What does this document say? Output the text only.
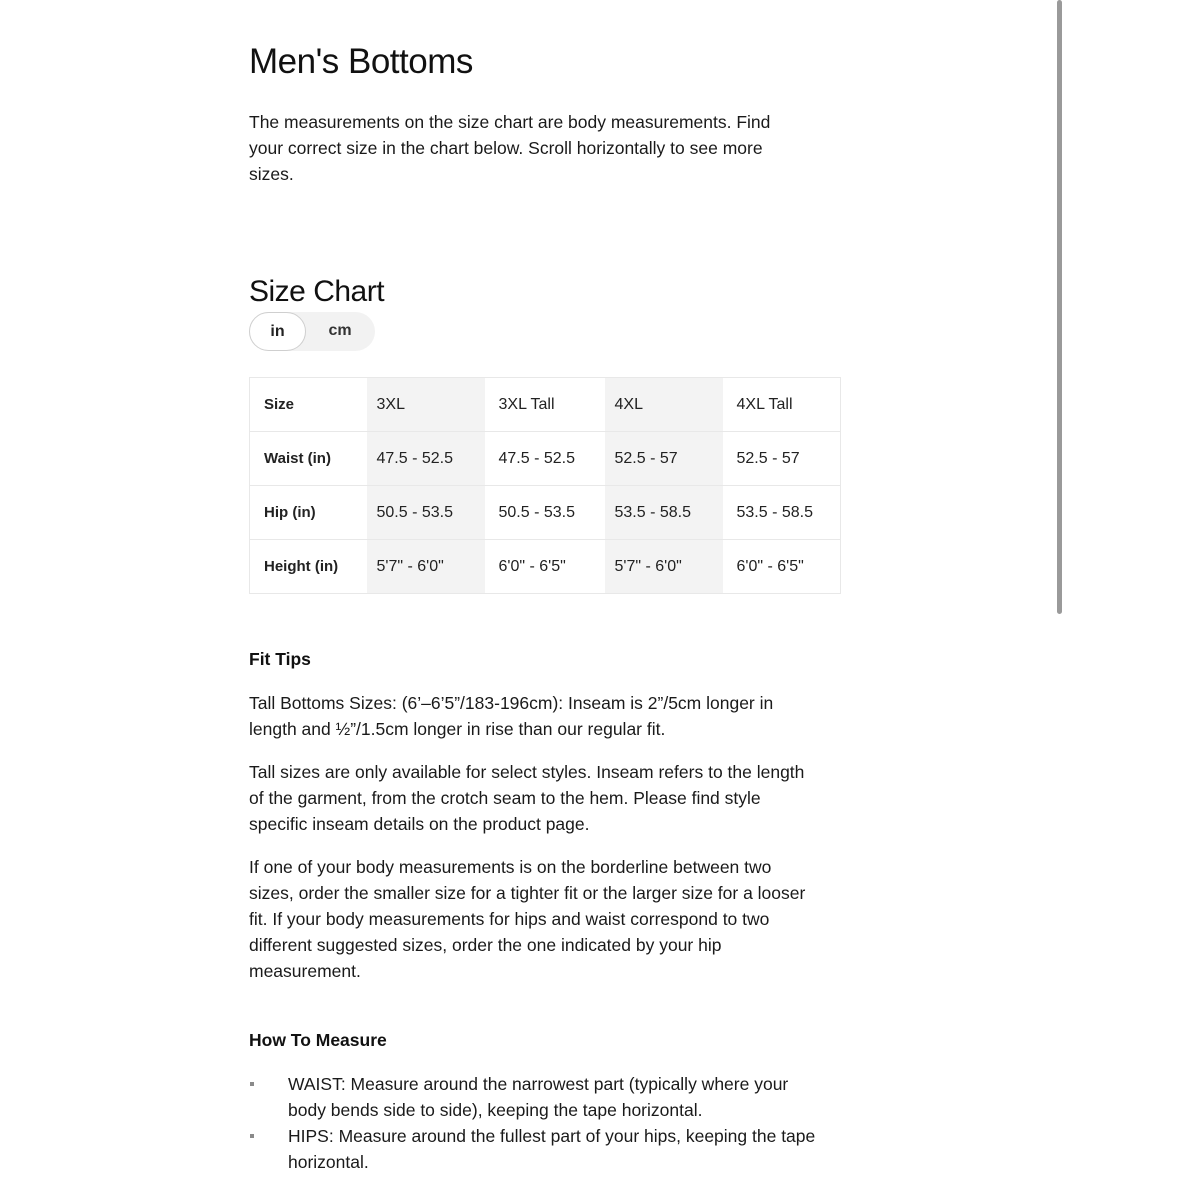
Men's Bottoms

The measurements on the size chart are body measurements. Find your correct size in the chart below. Scroll horizontally to see more sizes.

Size Chart
in	cm
Size	3XL	3XL Tall	4XL	4XL Tall
Waist (in)	47.5 - 52.5	47.5 - 52.5	52.5 - 57	52.5 - 57
Hip (in)	50.5 - 53.5	50.5 - 53.5	53.5 - 58.5	53.5 - 58.5
Height (in)	5'7" - 6'0"	6'0" - 6'5"	5'7" - 6'0"	6'0" - 6'5"
Fit Tips

Tall Bottoms Sizes: (6’–6’5”/183-196cm): Inseam is 2”/5cm longer in length and ½”/1.5cm longer in rise than our regular fit.

Tall sizes are only available for select styles. Inseam refers to the length of the garment, from the crotch seam to the hem. Please find style specific inseam details on the product page.

If one of your body measurements is on the borderline between two sizes, order the smaller size for a tighter fit or the larger size for a looser fit. If your body measurements for hips and waist correspond to two different suggested sizes, order the one indicated by your hip measurement.

How To Measure
WAIST: Measure around the narrowest part (typically where your body bends side to side), keeping the tape horizontal.
HIPS: Measure around the fullest part of your hips, keeping the tape horizontal.
